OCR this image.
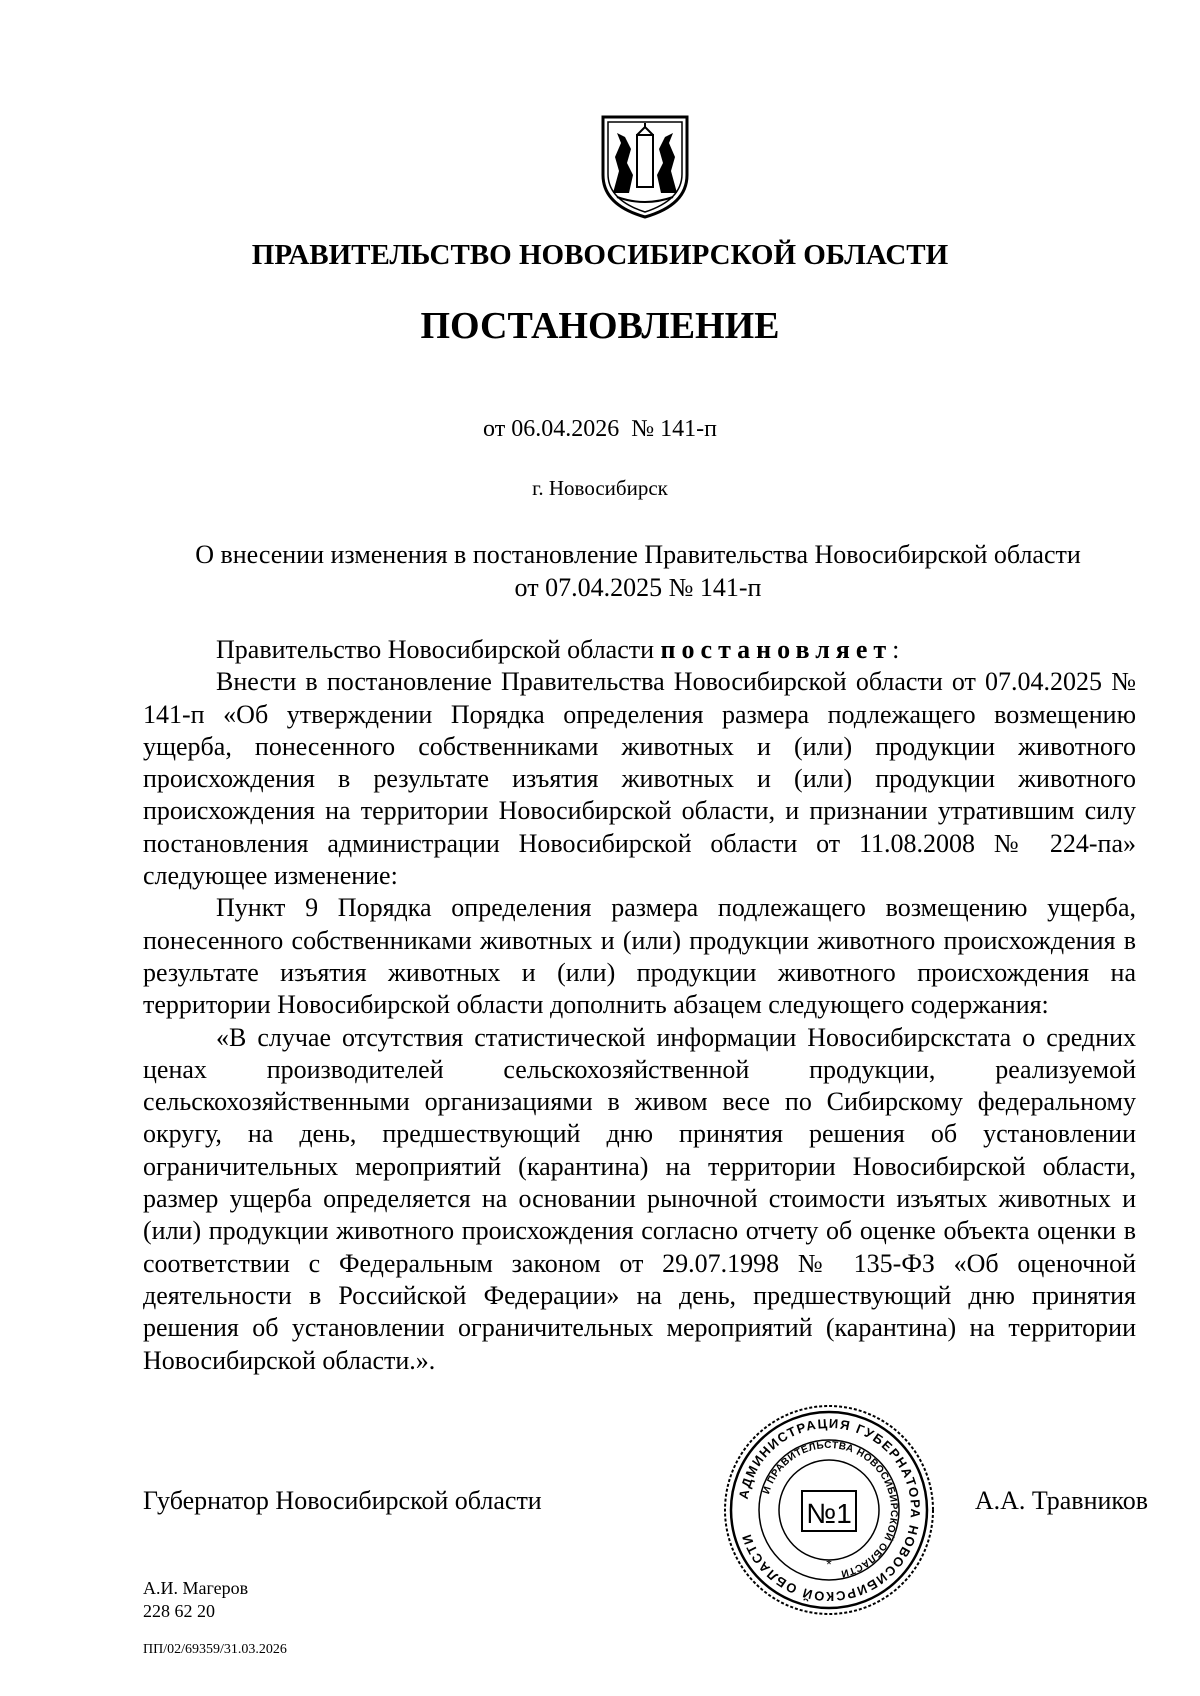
ПРАВИТЕЛЬСТВО НОВОСИБИРСКОЙ ОБЛАСТИ
ПОСТАНОВЛЕНИЕ
от 06.04.2026  № 141-п
г. Новосибирск
О внесении изменения в постановление Правительства Новосибирской области
от 07.04.2025 № 141-п

Правительство Новосибирской области постановляет:

Внести в постановление Правительства Новосибирской области от 07.04.2025 № 141-п «Об утверждении Порядка определения размера подлежащего возмещению ущерба, понесенного собственниками животных и (или) продукции животного происхождения в результате изъятия животных и (или) продукции животного происхождения на территории Новосибирской области, и признании утратившим силу постановления администрации Новосибирской области от 11.08.2008 № 224-па» следующее изменение:

Пункт 9 Порядка определения размера подлежащего возмещению ущерба, понесенного собственниками животных и (или) продукции животного происхождения в результате изъятия животных и (или) продукции животного происхождения на территории Новосибирской области дополнить абзацем следующего содержания:

«В случае отсутствия статистической информации Новосибирскстата о средних ценах производителей сельскохозяйственной продукции, реализуемой сельскохозяйственными организациями в живом весе по Сибирскому федеральному округу, на день, предшествующий дню принятия решения об установлении ограничительных мероприятий (карантина) на территории Новосибирской области, размер ущерба определяется на основании рыночной стоимости изъятых животных и (или) продукции животного происхождения согласно отчету об оценке объекта оценки в соответствии с Федеральным законом от 29.07.1998 № 135-ФЗ «Об оценочной деятельности в Российской Федерации» на день, предшествующий дню принятия решения об установлении ограничительных мероприятий (карантина) на территории Новосибирской области.».

Губернатор Новосибирской области	АДМИНИСТРАЦИЯ ГУБЕРНАТОРА НОВОСИБИРСКОЙ ОБЛАСТИ
И ПРАВИТЕЛЬСТВА НОВОСИБИРСКОЙ ОБЛАСТИ
№1
*
А.А. Травников
А.И. Магеров
228 62 20
ПП/02/69359/31.03.2026
